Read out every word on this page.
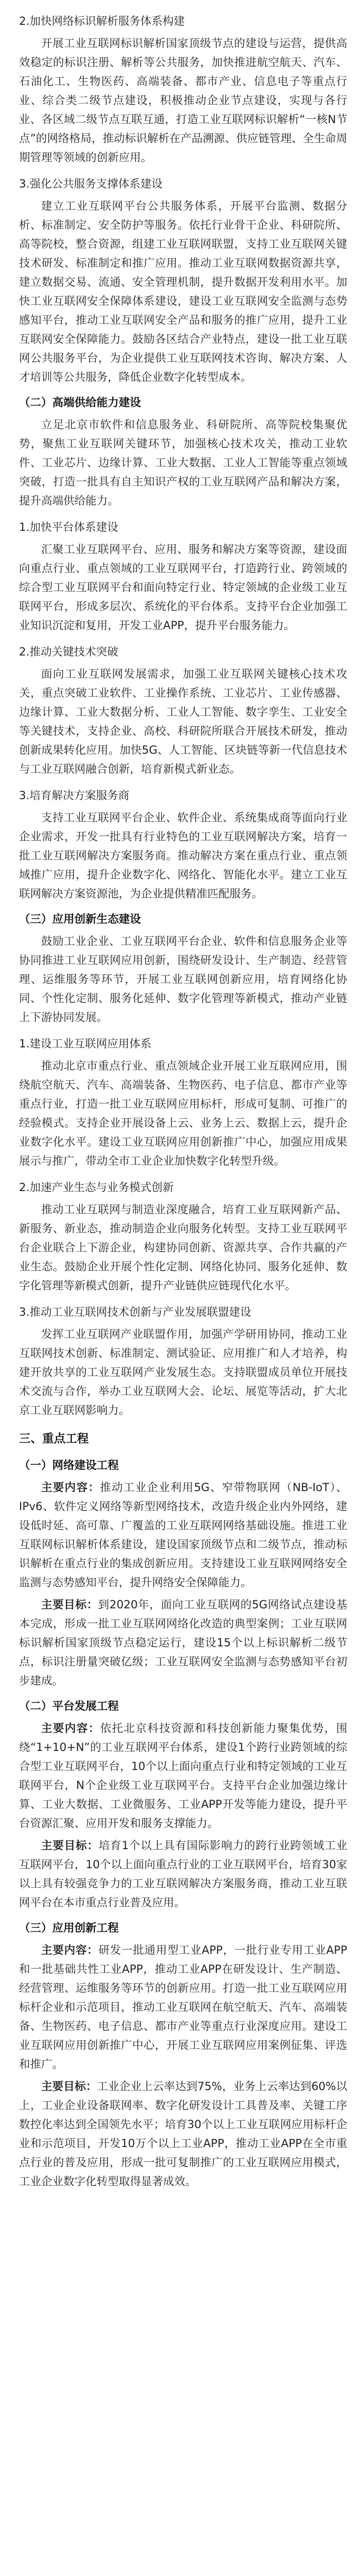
2.加快网络标识解析服务体系构建

开展工业互联网标识解析国家顶级节点的建设与运营，提供高效稳定的标识注册、解析等公共服务，加快推进航空航天、汽车、石油化工、生物医药、高端装备、都市产业、信息电子等重点行业、综合类二级节点建设，积极推动企业节点建设，实现与各行业、各区域二级节点互联互通，打造工业互联网标识解析“一核N节点”的网络格局，推动标识解析在产品溯源、供应链管理、全生命周期管理等领域的创新应用。

3.强化公共服务支撑体系建设

建立工业互联网平台公共服务体系，开展平台监测、数据分析、标准制定、安全防护等服务。依托行业骨干企业、科研院所、高等院校，整合资源，组建工业互联网联盟，支持工业互联网关键技术研发、标准制定和推广应用。推动工业互联网数据资源共享，建立数据交易、流通、安全管理机制，提升数据开发利用水平。加快工业互联网安全保障体系建设，建设工业互联网安全监测与态势感知平台，推动工业互联网安全产品和服务的推广应用，提升工业互联网安全保障能力。鼓励各区结合产业特点，建设一批工业互联网公共服务平台，为企业提供工业互联网技术咨询、解决方案、人才培训等公共服务，降低企业数字化转型成本。

（二）高端供给能力建设

立足北京市软件和信息服务业、科研院所、高等院校集聚优势，聚焦工业互联网关键环节，加强核心技术攻关，推动工业软件、工业芯片、边缘计算、工业大数据、工业人工智能等重点领域突破，打造一批具有自主知识产权的工业互联网产品和解决方案，提升高端供给能力。

1.加快平台体系建设

汇聚工业互联网平台、应用、服务和解决方案等资源，建设面向重点行业、重点领域的工业互联网平台，打造跨行业、跨领域的综合型工业互联网平台和面向特定行业、特定领域的企业级工业互联网平台，形成多层次、系统化的平台体系。支持平台企业加强工业知识沉淀和复用，开发工业APP，提升平台服务能力。

2.推动关键技术突破

面向工业互联网发展需求，加强工业互联网关键核心技术攻关，重点突破工业软件、工业操作系统、工业芯片、工业传感器、边缘计算、工业大数据分析、工业人工智能、数字孪生、工业安全等关键技术，支持企业、高校、科研院所联合开展技术研发，推动创新成果转化应用。加快5G、人工智能、区块链等新一代信息技术与工业互联网融合创新，培育新模式新业态。

3.培育解决方案服务商

支持工业互联网平台企业、软件企业、系统集成商等面向行业企业需求，开发一批具有行业特色的工业互联网解决方案，培育一批工业互联网解决方案服务商。推动解决方案在重点行业、重点领域推广应用，提升企业数字化、网络化、智能化水平。建立工业互联网解决方案资源池，为企业提供精准匹配服务。

（三）应用创新生态建设

鼓励工业企业、工业互联网平台企业、软件和信息服务企业等协同推进工业互联网应用创新，围绕研发设计、生产制造、经营管理、运维服务等环节，开展工业互联网创新应用，培育网络化协同、个性化定制、服务化延伸、数字化管理等新模式，推动产业链上下游协同发展。

1.建设工业互联网应用体系

推动北京市重点行业、重点领域企业开展工业互联网应用，围绕航空航天、汽车、高端装备、生物医药、电子信息、都市产业等重点行业，打造一批工业互联网应用标杆，形成可复制、可推广的经验模式。支持企业开展设备上云、业务上云、数据上云，提升企业数字化水平。建设工业互联网应用创新推广中心，加强应用成果展示与推广，带动全市工业企业加快数字化转型升级。

2.加速产业生态与业务模式创新

推动工业互联网与制造业深度融合，培育工业互联网新产品、新服务、新业态，推动制造企业向服务化转型。支持工业互联网平台企业联合上下游企业，构建协同创新、资源共享、合作共赢的产业生态。鼓励企业开展个性化定制、网络化协同、服务化延伸、数字化管理等新模式创新，提升产业链供应链现代化水平。

3.推动工业互联网技术创新与产业发展联盟建设

发挥工业互联网产业联盟作用，加强产学研用协同，推动工业互联网技术创新、标准制定、测试验证、应用推广和人才培养，构建开放共享的工业互联网产业发展生态。支持联盟成员单位开展技术交流与合作，举办工业互联网大会、论坛、展览等活动，扩大北京工业互联网影响力。

三、重点工程

（一）网络建设工程

主要内容：推动工业企业利用5G、窄带物联网（NB-IoT）、IPv6、软件定义网络等新型网络技术，改造升级企业内外网络，建设低时延、高可靠、广覆盖的工业互联网网络基础设施。推进工业互联网标识解析体系建设，建设国家顶级节点和二级节点，推动标识解析在重点行业的集成创新应用。支持建设工业互联网网络安全监测与态势感知平台，提升网络安全保障能力。

主要目标：到2020年，面向工业互联网的5G网络试点建设基本完成，形成一批工业互联网网络化改造的典型案例；工业互联网标识解析国家顶级节点稳定运行，建设15个以上标识解析二级节点，标识注册量突破亿级；工业互联网安全监测与态势感知平台初步建成。

（二）平台发展工程

主要内容：依托北京科技资源和科技创新能力聚集优势，围绕“1+10+N”的工业互联网平台体系，建设1个跨行业跨领域的综合型工业互联网平台，10个以上面向重点行业和特定领域的工业互联网平台，N个企业级工业互联网平台。支持平台企业加强边缘计算、工业大数据、工业微服务、工业APP开发等能力建设，提升平台资源汇聚、应用开发和服务支撑能力。

主要目标：培育1个以上具有国际影响力的跨行业跨领域工业互联网平台，10个以上面向重点行业的工业互联网平台，培育30家以上具有较强竞争力的工业互联网解决方案服务商，推动工业互联网平台在本市重点行业普及应用。

（三）应用创新工程

主要内容：研发一批通用型工业APP，一批行业专用工业APP和一批基础共性工业APP，推动工业APP在研发设计、生产制造、经营管理、运维服务等环节的创新应用。打造一批工业互联网应用标杆企业和示范项目，推动工业互联网在航空航天、汽车、高端装备、生物医药、电子信息、都市产业等重点行业深度应用。建设工业互联网应用创新推广中心，开展工业互联网应用案例征集、评选和推广。

主要目标：工业企业上云率达到75%，业务上云率达到60%以上，工业企业设备联网率、数字化研发设计工具普及率、关键工序数控化率达到全国领先水平；培育30个以上工业互联网应用标杆企业和示范项目，开发10万个以上工业APP，推动工业APP在全市重点行业的普及应用，形成一批可复制推广的工业互联网应用模式，工业企业数字化转型取得显著成效。
